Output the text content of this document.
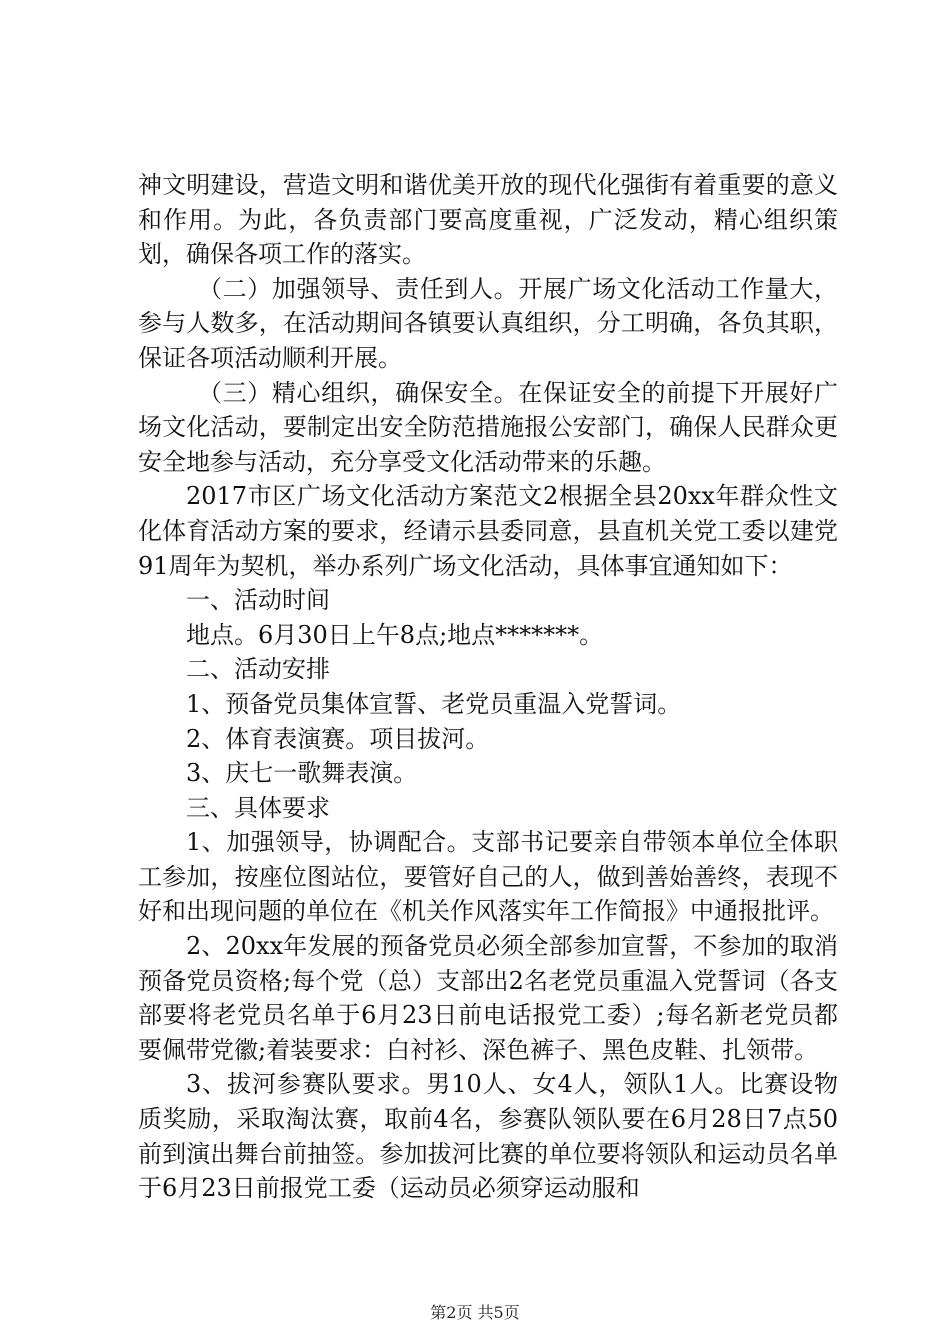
神文明建设，营造文明和谐优美开放的现代化强街有着重要的意义和作用。为此，各负责部门要高度重视，广泛发动，精心组织策划，确保各项工作的落实。

（二）加强领导、责任到人。开展广场文化活动工作量大，参与人数多，在活动期间各镇要认真组织，分工明确，各负其职，保证各项活动顺利开展。

（三）精心组织，确保安全。在保证安全的前提下开展好广场文化活动，要制定出安全防范措施报公安部门，确保人民群众更安全地参与活动，充分享受文化活动带来的乐趣。

2017市区广场文化活动方案范文2根据全县20xx年群众性文化体育活动方案的要求，经请示县委同意，县直机关党工委以建党91周年为契机，举办系列广场文化活动，具体事宜通知如下：

一、活动时间

地点。6月30日上午8点;地点*******。

二、活动安排

1、预备党员集体宣誓、老党员重温入党誓词。

2、体育表演赛。项目拔河。

3、庆七一歌舞表演。

三、具体要求

1、加强领导，协调配合。支部书记要亲自带领本单位全体职工参加，按座位图站位，要管好自己的人，做到善始善终，表现不好和出现问题的单位在《机关作风落实年工作简报》中通报批评。

2、20xx年发展的预备党员必须全部参加宣誓，不参加的取消预备党员资格;每个党（总）支部出2名老党员重温入党誓词（各支部要将老党员名单于6月23日前电话报党工委）;每名新老党员都要佩带党徽;着装要求：白衬衫、深色裤子、黑色皮鞋、扎领带。

3、拔河参赛队要求。男10人、女4人，领队1人。比赛设物质奖励，采取淘汰赛，取前4名，参赛队领队要在6月28日7点50前到演出舞台前抽签。参加拔河比赛的单位要将领队和运动员名单于6月23日前报党工委（运动员必须穿运动服和

第2页 共5页
